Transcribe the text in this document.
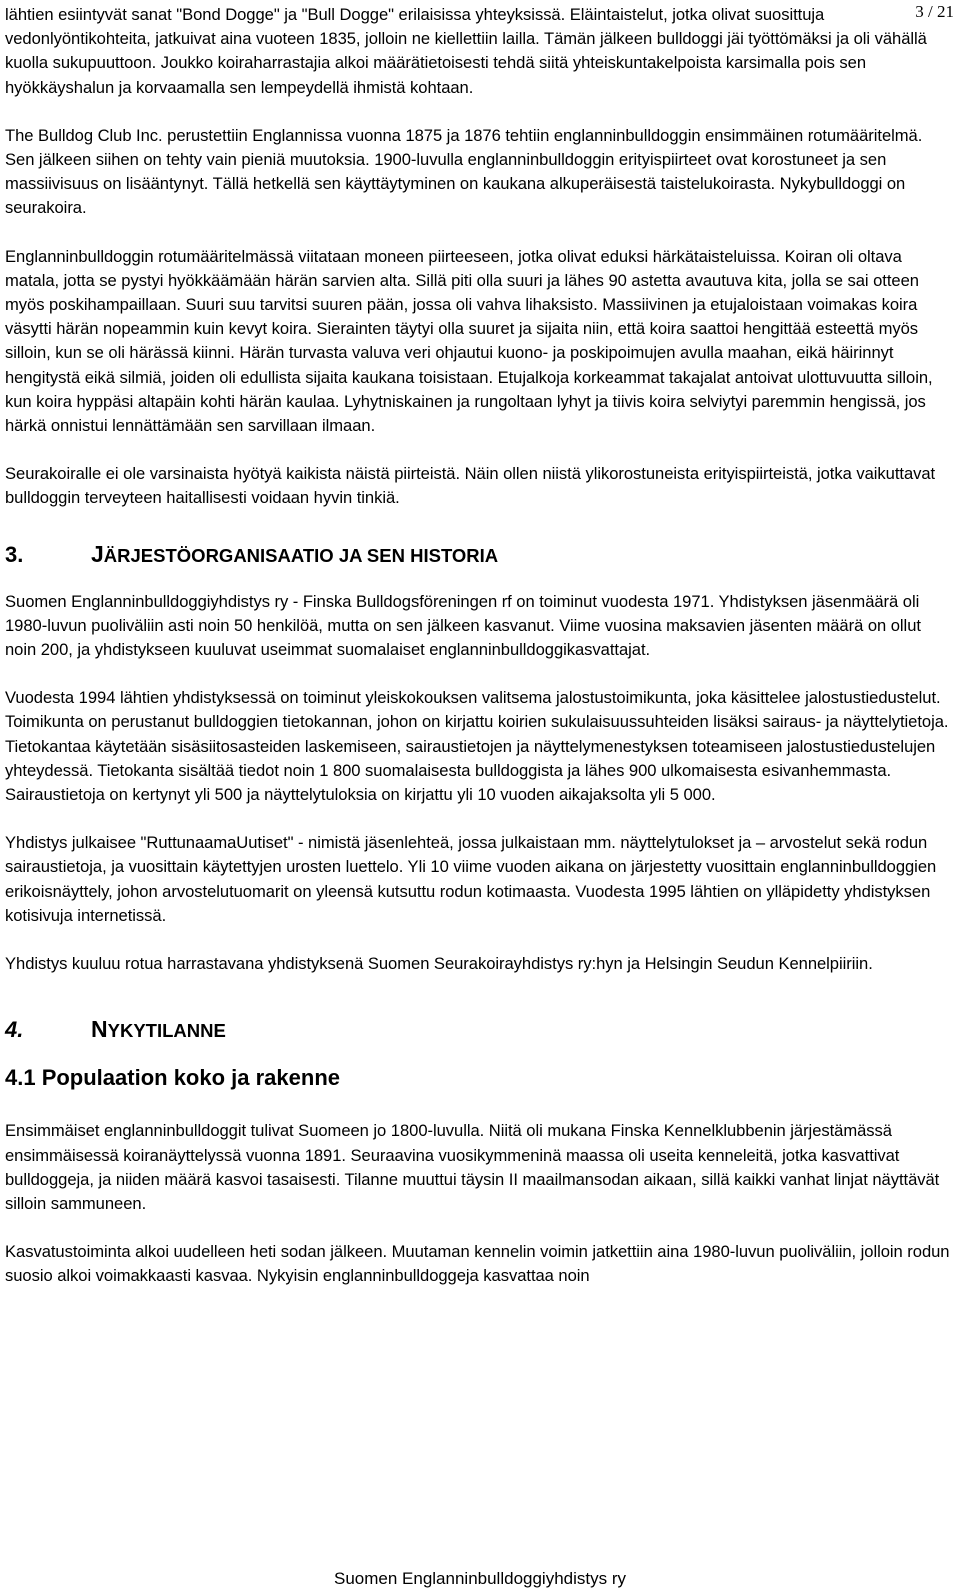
3 / 21

lähtien esiintyvät sanat "Bond Dogge" ja "Bull Dogge" erilaisissa yhteyksissä. Eläintaistelut, jotka olivat suosittuja vedonlyöntikohteita, jatkuivat aina vuoteen 1835, jolloin ne kiellettiin lailla. Tämän jälkeen bulldoggi jäi työttömäksi ja oli vähällä kuolla sukupuuttoon. Joukko koiraharrastajia alkoi määrätietoisesti tehdä siitä yhteiskuntakelpoista karsimalla pois sen hyökkäyshalun ja korvaamalla sen lempeydellä ihmistä kohtaan.

The Bulldog Club Inc. perustettiin Englannissa vuonna 1875 ja 1876 tehtiin englanninbulldoggin ensimmäinen rotumääritelmä. Sen jälkeen siihen on tehty vain pieniä muutoksia. 1900-luvulla englanninbulldoggin erityispiirteet ovat korostuneet ja sen massiivisuus on lisääntynyt. Tällä hetkellä sen käyttäytyminen on kaukana alkuperäisestä taistelukoirasta. Nykybulldoggi on seurakoira.

Englanninbulldoggin rotumääritelmässä viitataan moneen piirteeseen, jotka olivat eduksi härkätaisteluissa. Koiran oli oltava matala, jotta se pystyi hyökkäämään härän sarvien alta. Sillä piti olla suuri ja lähes 90 astetta avautuva kita, jolla se sai otteen myös poskihampaillaan. Suuri suu tarvitsi suuren pään, jossa oli vahva lihaksisto. Massiivinen ja etujaloistaan voimakas koira väsytti härän nopeammin kuin kevyt koira. Sierainten täytyi olla suuret ja sijaita niin, että koira saattoi hengittää esteettä myös silloin, kun se oli härässä kiinni. Härän turvasta valuva veri ohjautui kuono- ja poskipoimujen avulla maahan, eikä häirinnyt hengitystä eikä silmiä, joiden oli edullista sijaita kaukana toisistaan. Etujalkoja korkeammat takajalat antoivat ulottuvuutta silloin, kun koira hyppäsi altapäin kohti härän kaulaa. Lyhytniskainen ja rungoltaan lyhyt ja tiivis koira selviytyi paremmin hengissä, jos härkä onnistui lennättämään sen sarvillaan ilmaan.

Seurakoiralle ei ole varsinaista hyötyä kaikista näistä piirteistä. Näin ollen niistä ylikorostuneista erityispiirteistä, jotka vaikuttavat bulldoggin terveyteen haitallisesti voidaan hyvin tinkiä.

3.	JÄRJESTÖORGANISAATIO JA SEN HISTORIA

Suomen Englanninbulldoggiyhdistys ry - Finska Bulldogsföreningen rf on toiminut vuodesta 1971. Yhdistyksen jäsenmäärä oli 1980-luvun puoliväliin asti noin 50 henkilöä, mutta on sen jälkeen kasvanut. Viime vuosina maksavien jäsenten määrä on ollut noin 200, ja yhdistykseen kuuluvat useimmat suomalaiset englanninbulldoggikasvattajat.

Vuodesta 1994 lähtien yhdistyksessä on toiminut yleiskokouksen valitsema jalostustoimikunta, joka käsittelee jalostustiedustelut. Toimikunta on perustanut bulldoggien tietokannan, johon on kirjattu koirien sukulaisuussuhteiden lisäksi sairaus- ja näyttelytietoja. Tietokantaa käytetään sisäsiitosasteiden laskemiseen, sairaustietojen ja näyttelymenestyksen toteamiseen jalostustiedustelujen yhteydessä. Tietokanta sisältää tiedot noin 1 800 suomalaisesta bulldoggista ja lähes 900 ulkomaisesta esivanhemmasta. Sairaustietoja on kertynyt yli 500 ja näyttelytuloksia on kirjattu yli 10 vuoden aikajaksolta yli 5 000.

Yhdistys julkaisee "RuttunaamaUutiset" - nimistä jäsenlehteä, jossa julkaistaan mm. näyttelytulokset ja – arvostelut sekä rodun sairaustietoja, ja vuosittain käytettyjen urosten luettelo. Yli 10 viime vuoden aikana on järjestetty vuosittain englanninbulldoggien erikoisnäyttely, johon arvostelutuomarit on yleensä kutsuttu rodun kotimaasta. Vuodesta 1995 lähtien on ylläpidetty yhdistyksen kotisivuja internetissä.

Yhdistys kuuluu rotua harrastavana yhdistyksenä Suomen Seurakoirayhdistys ry:hyn ja Helsingin Seudun Kennelpiiriin.

4.	NYKYTILANNE
4.1 Populaation koko ja rakenne

Ensimmäiset englanninbulldoggit tulivat Suomeen jo 1800-luvulla. Niitä oli mukana Finska Kennelklubbenin järjestämässä ensimmäisessä koiranäyttelyssä vuonna 1891. Seuraavina vuosikymmeninä maassa oli useita kenneleitä, jotka kasvattivat bulldoggeja, ja niiden määrä kasvoi tasaisesti. Tilanne muuttui täysin II maailmansodan aikaan, sillä kaikki vanhat linjat näyttävät silloin sammuneen.

Kasvatustoiminta alkoi uudelleen heti sodan jälkeen. Muutaman kennelin voimin jatkettiin aina 1980-luvun puoliväliin, jolloin rodun suosio alkoi voimakkaasti kasvaa. Nykyisin englanninbulldoggeja kasvattaa noin

Suomen Englanninbulldoggiyhdistys ry
